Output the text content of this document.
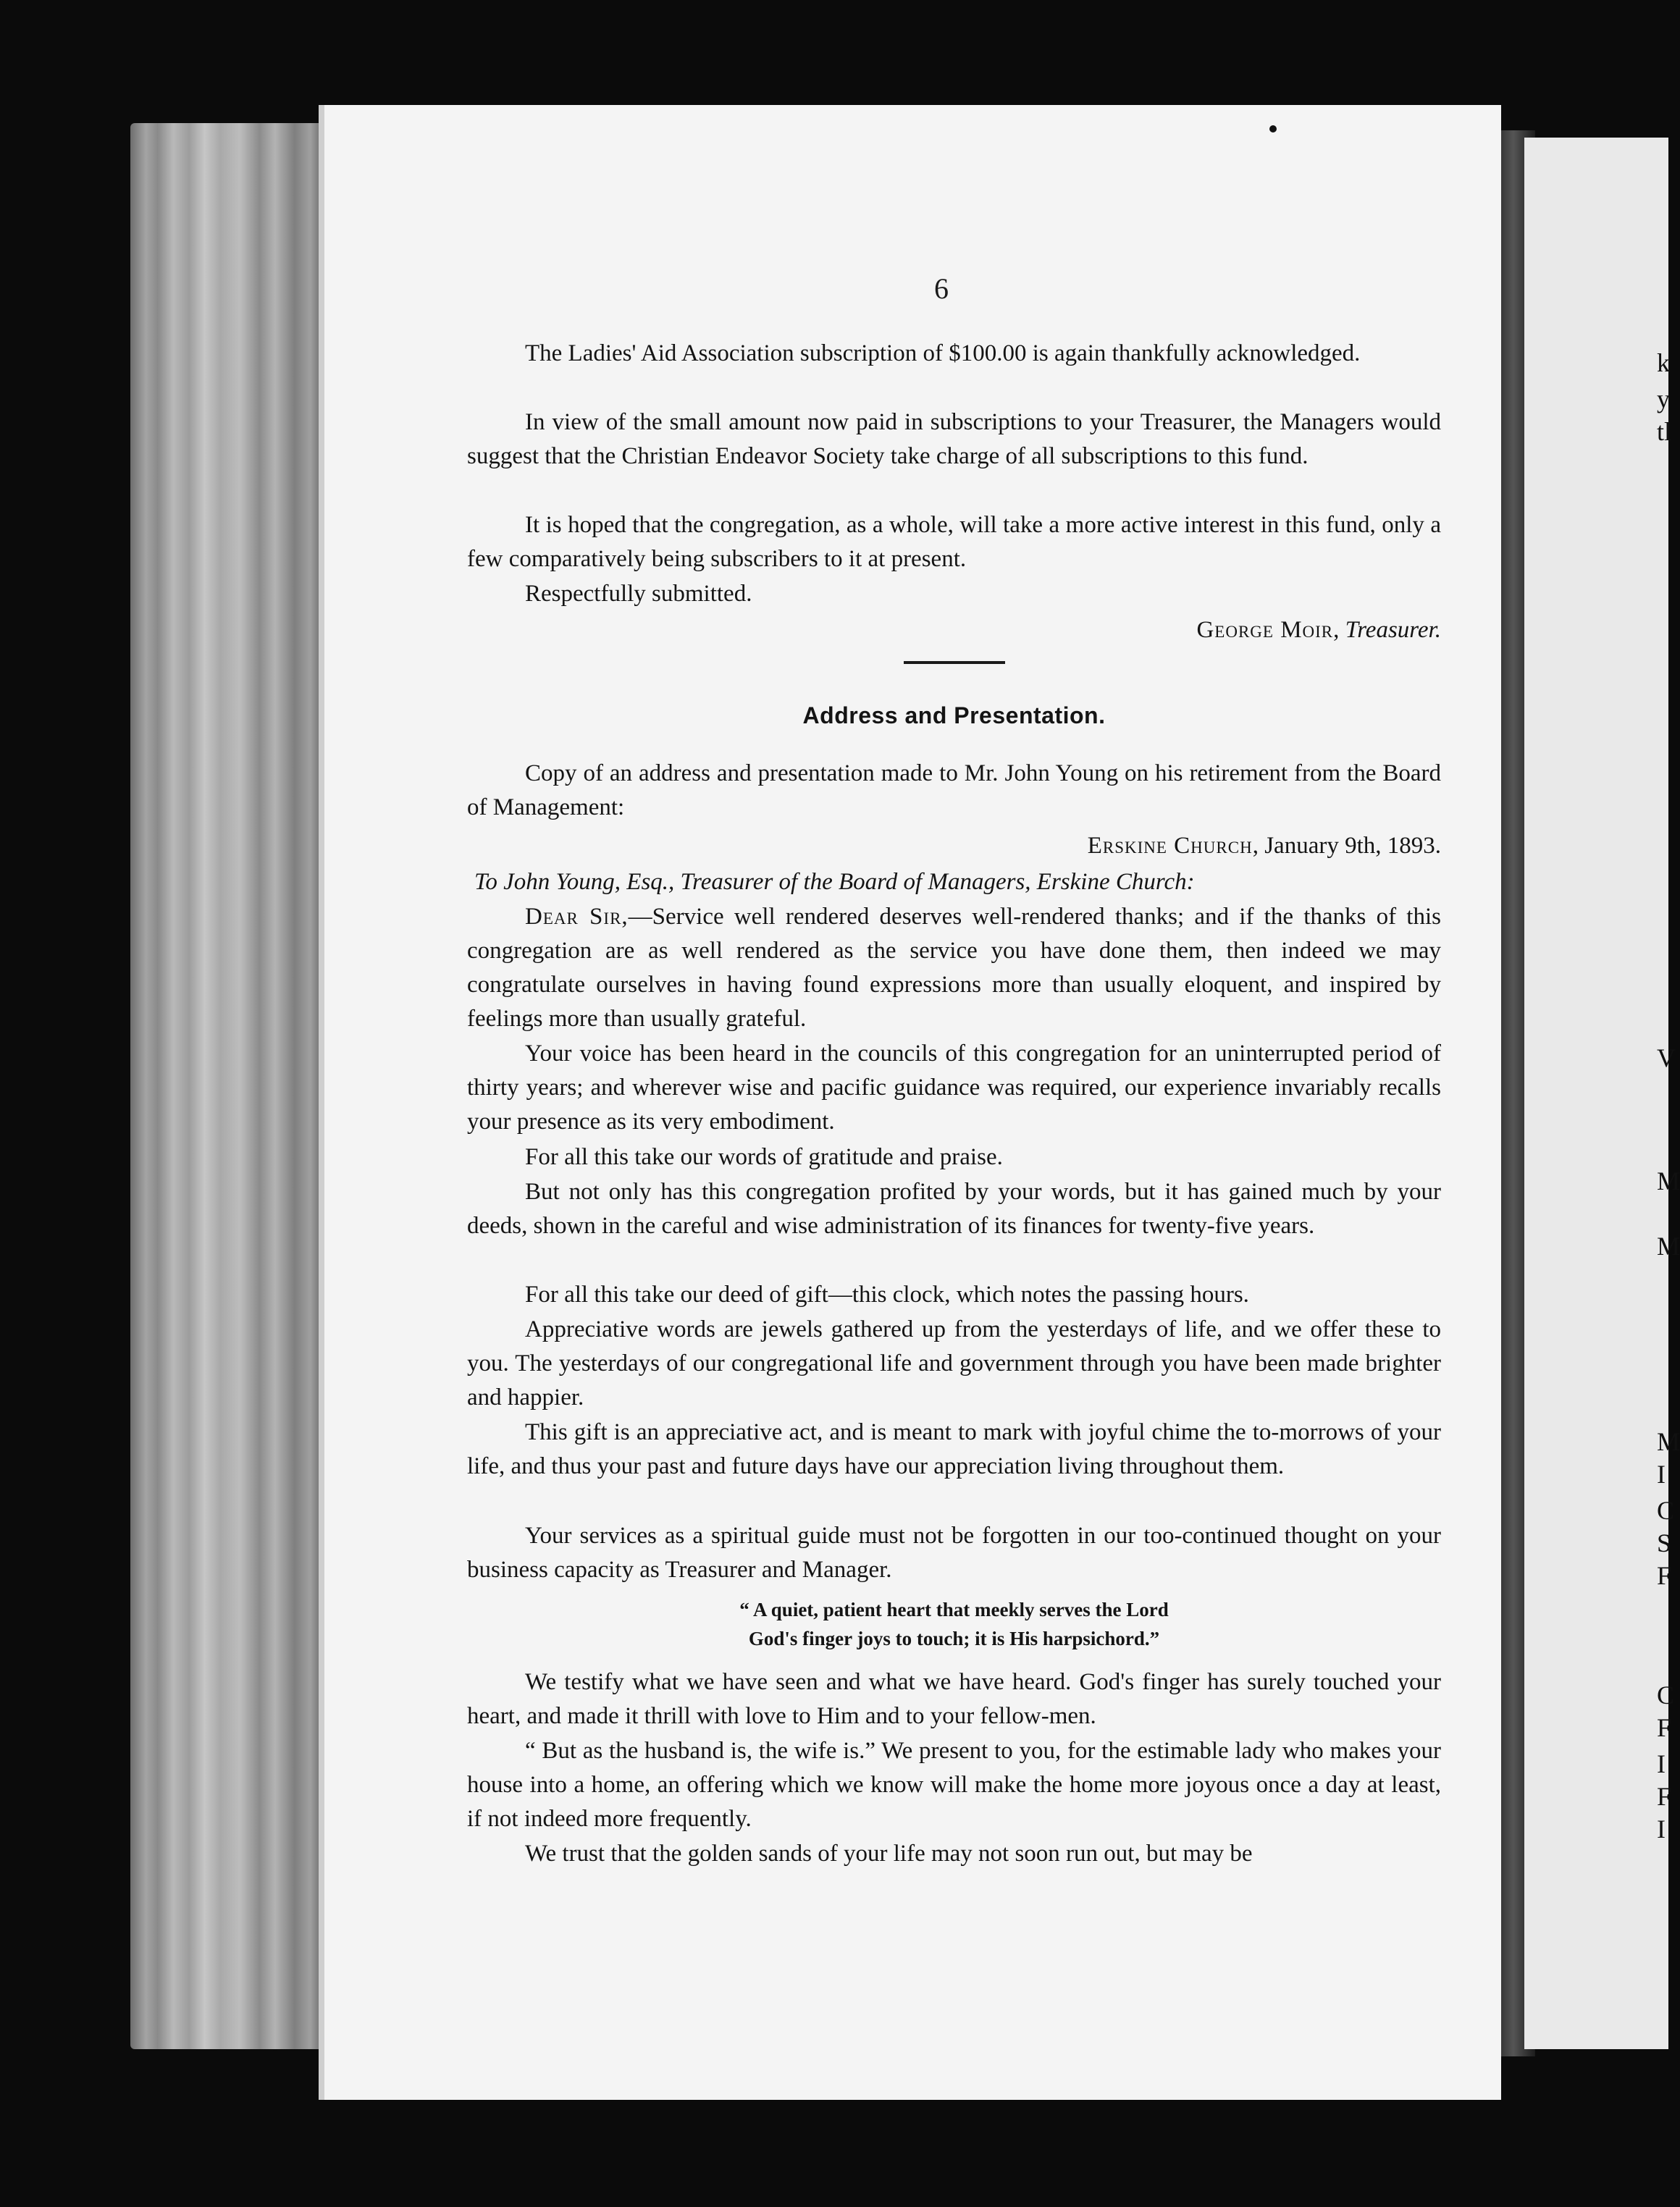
k
y
tl
V
M
M
M
I
C
S
F
C
F
I
F
I
6

The Ladies' Aid Association subscription of $100.00 is again thankfully acknowledged.

In view of the small amount now paid in subscriptions to your Treasurer, the Managers would suggest that the Christian Endeavor Society take charge of all subscriptions to this fund.

It is hoped that the congregation, as a whole, will take a more active interest in this fund, only a few comparatively being subscribers to it at present.

Respectfully submitted.

George Moir, Treasurer.

Address and Presentation.

Copy of an address and presentation made to Mr. John Young on his retirement from the Board of Management:

Erskine Church, January 9th, 1893.

To John Young, Esq., Treasurer of the Board of Managers, Erskine Church:

Dear Sir,—Service well rendered deserves well-rendered thanks; and if the thanks of this congregation are as well rendered as the service you have done them, then indeed we may congratulate ourselves in having found expressions more than usually eloquent, and inspired by feelings more than usually grateful.

Your voice has been heard in the councils of this congregation for an uninterrupted period of thirty years; and wherever wise and pacific guidance was required, our experience invariably recalls your presence as its very embodiment.

For all this take our words of gratitude and praise.

But not only has this congregation profited by your words, but it has gained much by your deeds, shown in the careful and wise administration of its finances for twenty-five years.

For all this take our deed of gift—this clock, which notes the passing hours.

Appreciative words are jewels gathered up from the yesterdays of life, and we offer these to you. The yesterdays of our congregational life and government through you have been made brighter and happier.

This gift is an appreciative act, and is meant to mark with joyful chime the to-morrows of your life, and thus your past and future days have our appreciation living throughout them.

Your services as a spiritual guide must not be forgotten in our too-continued thought on your business capacity as Treasurer and Manager.

“ A quiet, patient heart that meekly serves the Lord
God's finger joys to touch; it is His harpsichord.”

We testify what we have seen and what we have heard. God's finger has surely touched your heart, and made it thrill with love to Him and to your fellow-men.

“ But as the husband is, the wife is.” We present to you, for the estimable lady who makes your house into a home, an offering which we know will make the home more joyous once a day at least, if not indeed more frequently.

We trust that the golden sands of your life may not soon run out, but may be
